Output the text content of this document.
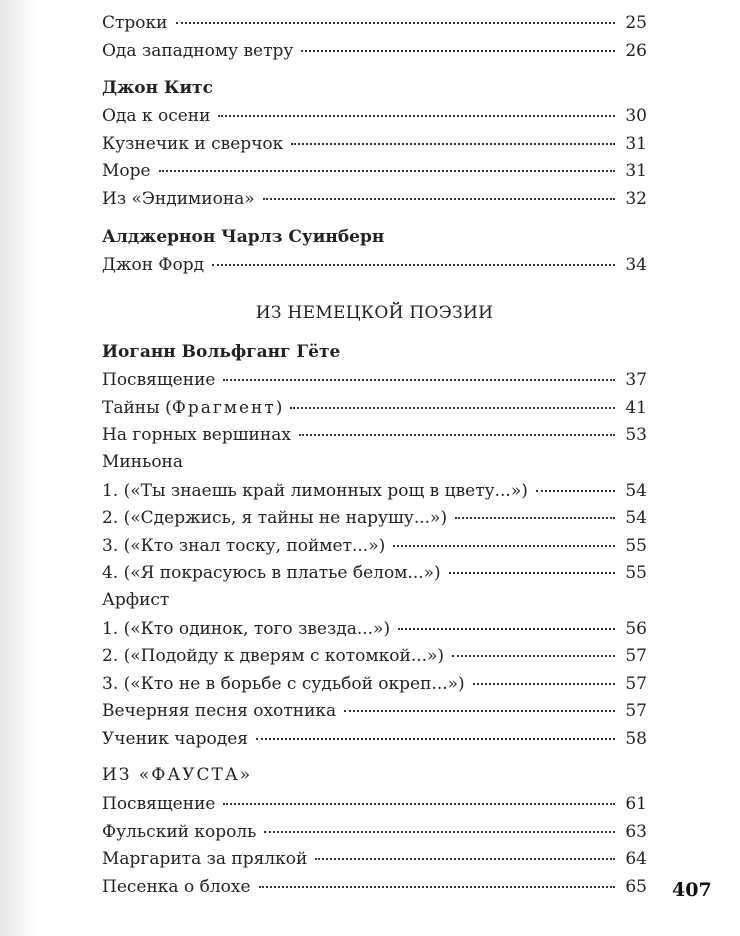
Строки	25
Ода западному ветру	26
Джон Китс
Ода к осени	30
Кузнечик и сверчок	31
Море	31
Из «Эндимиона»	32
Алджернон Чарлз Суинберн
Джон Форд	34
ИЗ НЕМЕЦКОЙ ПОЭЗИИ
Иоганн Вольфганг Гёте
Посвящение	37
Тайны (Фрагмент)	41
На горных вершинах	53
Миньона
1. («Ты знаешь край лимонных рощ в цвету...»)	54
2. («Сдержись, я тайны не нарушу...»)	54
3. («Кто знал тоску, поймет...»)	55
4. («Я покрасуюсь в платье белом...»)	55
Арфист
1. («Кто одинок, того звезда...»)	56
2. («Подойду к дверям с котомкой...»)	57
3. («Кто не в борьбе с судьбой окреп...»)	57
Вечерняя песня охотника	57
Ученик чародея	58
ИЗ «ФАУСТА»
Посвящение	61
Фульский король	63
Маргарита за прялкой	64
Песенка о блохе	65 407
